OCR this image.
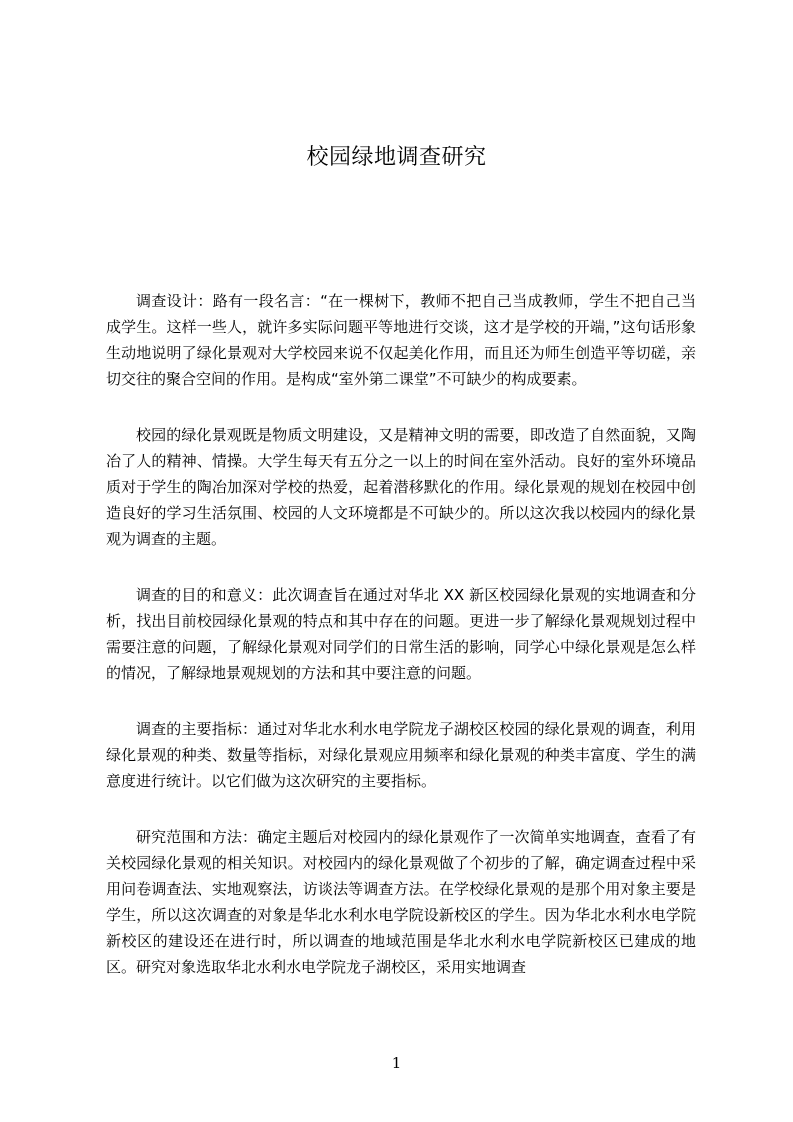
校园绿地调查研究

调查设计：路有一段名言：“在一棵树下，教师不把自己当成教师，学生不把自己当成学生。这样一些人，就许多实际问题平等地进行交谈，这才是学校的开端，”这句话形象生动地说明了绿化景观对大学校园来说不仅起美化作用，而且还为师生创造平等切磋，亲切交往的聚合空间的作用。是构成“室外第二课堂”不可缺少的构成要素。

校园的绿化景观既是物质文明建设，又是精神文明的需要，即改造了自然面貌，又陶冶了人的精神、情操。大学生每天有五分之一以上的时间在室外活动。良好的室外环境品质对于学生的陶冶加深对学校的热爱，起着潜移默化的作用。绿化景观的规划在校园中创造良好的学习生活氛围、校园的人文环境都是不可缺少的。所以这次我以校园内的绿化景观为调查的主题。

调查的目的和意义：此次调查旨在通过对华北 XX 新区校园绿化景观的实地调查和分析，找出目前校园绿化景观的特点和其中存在的问题。更进一步了解绿化景观规划过程中需要注意的问题，了解绿化景观对同学们的日常生活的影响，同学心中绿化景观是怎么样的情况，了解绿地景观规划的方法和其中要注意的问题。

调查的主要指标：通过对华北水利水电学院龙子湖校区校园的绿化景观的调查，利用绿化景观的种类、数量等指标，对绿化景观应用频率和绿化景观的种类丰富度、学生的满意度进行统计。以它们做为这次研究的主要指标。

研究范围和方法：确定主题后对校园内的绿化景观作了一次简单实地调查，查看了有关校园绿化景观的相关知识。对校园内的绿化景观做了个初步的了解，确定调查过程中采用问卷调查法、实地观察法，访谈法等调查方法。在学校绿化景观的是那个用对象主要是学生，所以这次调查的对象是华北水利水电学院设新校区的学生。因为华北水利水电学院新校区的建设还在进行时，所以调查的地域范围是华北水利水电学院新校区已建成的地区。研究对象选取华北水利水电学院龙子湖校区，采用实地调查

1
